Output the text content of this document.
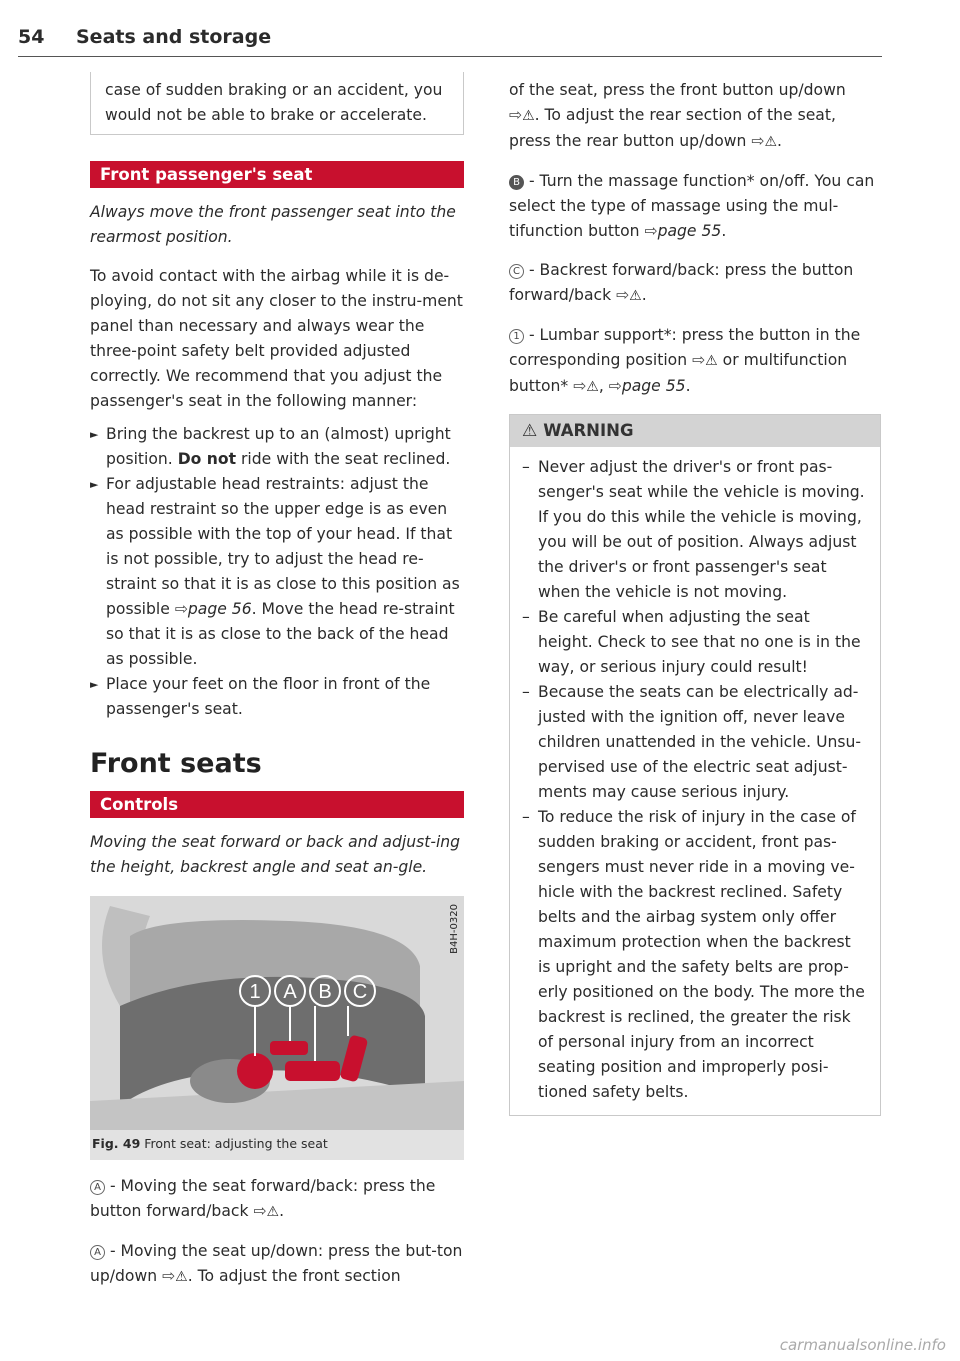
54 Seats and storage
case of sudden braking or an accident, you would not be able to brake or accelerate.
Front passenger's seat

Always move the front passenger seat into the rearmost position.

To avoid contact with the airbag while it is de-ploying, do not sit any closer to the instru-ment panel than necessary and always wear the three-point safety belt provided adjusted correctly. We recommend that you adjust the passenger's seat in the following manner:

► Bring the backrest up to an (almost) upright position. Do not ride with the seat reclined.
► For adjustable head restraints: adjust the head restraint so the upper edge is as even as possible with the top of your head. If that is not possible, try to adjust the head re-straint so that it is as close to this position as possible ⇨page 56. Move the head re-straint so that it is as close to the back of the head as possible.
► Place your feet on the floor in front of the passenger's seat.
Front seats
Controls

Moving the seat forward or back and adjust-ing the height, backrest angle and seat an-gle.

1 A B C
B4H-0320
Fig. 49 Front seat: adjusting the seat

A - Moving the seat forward/back: press the button forward/back ⇨⚠.

A - Moving the seat up/down: press the but-ton up/down ⇨⚠. To adjust the front section

of the seat, press the front button up/down ⇨⚠. To adjust the rear section of the seat, press the rear button up/down ⇨⚠.

B - Turn the massage function* on/off. You can select the type of massage using the mul-tifunction button ⇨page 55.

C - Backrest forward/back: press the button forward/back ⇨⚠.

1 - Lumbar support*: press the button in the corresponding position ⇨⚠ or multifunction button* ⇨⚠, ⇨page 55.

⚠ WARNING
– Never adjust the driver's or front pas-senger's seat while the vehicle is moving. If you do this while the vehicle is moving, you will be out of position. Always adjust the driver's or front passenger's seat when the vehicle is not moving.
– Be careful when adjusting the seat height. Check to see that no one is in the way, or serious injury could result!
– Because the seats can be electrically ad-justed with the ignition off, never leave children unattended in the vehicle. Unsu-pervised use of the electric seat adjust-ments may cause serious injury.
– To reduce the risk of injury in the case of sudden braking or accident, front pas-sengers must never ride in a moving ve-hicle with the backrest reclined. Safety belts and the airbag system only offer maximum protection when the backrest is upright and the safety belts are prop-erly positioned on the body. The more the backrest is reclined, the greater the risk of personal injury from an incorrect seating position and improperly posi-tioned safety belts.
carmanualsonline.info
